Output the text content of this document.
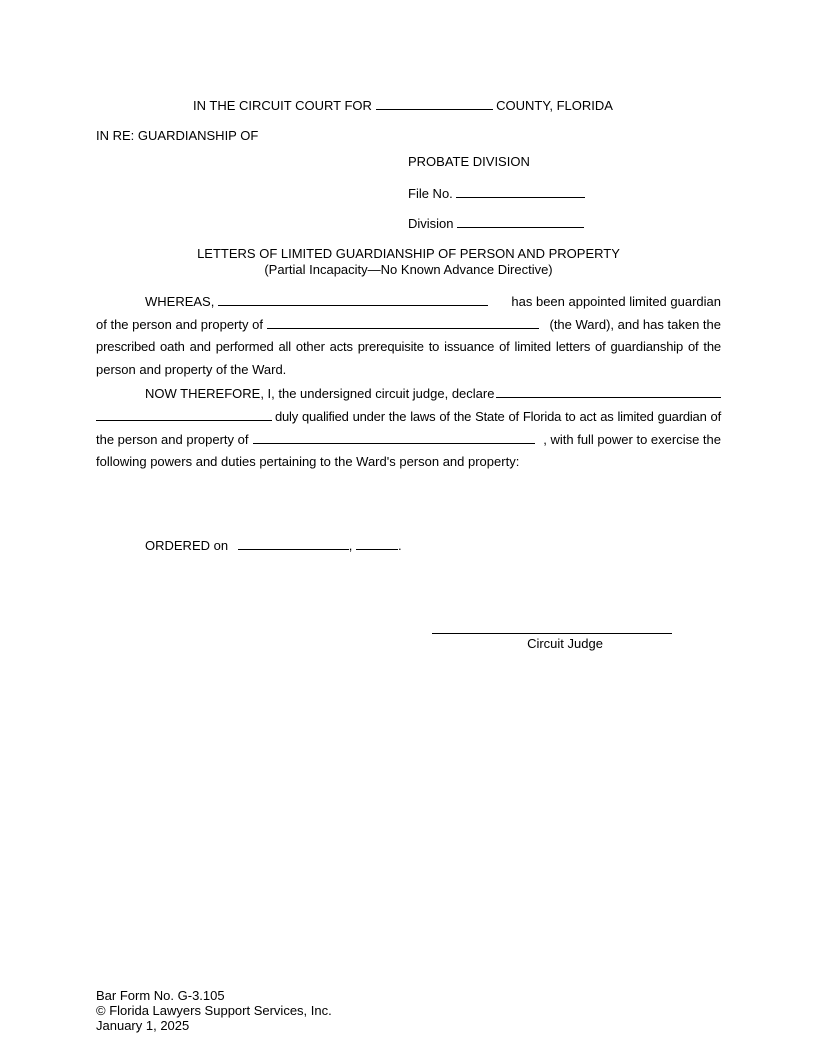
IN THE CIRCUIT COURT FOR	COUNTY, FLORIDA
IN RE: GUARDIANSHIP OF
PROBATE DIVISION
File No.
Division
LETTERS OF LIMITED GUARDIANSHIP OF PERSON AND PROPERTY
(Partial Incapacity—No Known Advance Directive)
WHEREAS,	has been appointed limited guardian
of the person and property of	(the Ward), and has taken the
prescribed oath and performed all other acts prerequisite to issuance of limited letters of guardianship of the
person and property of the Ward.
NOW THEREFORE, I, the undersigned circuit judge, declare
duly qualified under the laws of the State of Florida to act as limited guardian of
the person and property of	, with full power to exercise the
following powers and duties pertaining to the Ward's person and property:
ORDERED on	,	.
Circuit Judge
Bar Form No. G-3.105
© Florida Lawyers Support Services, Inc.
January 1, 2025
